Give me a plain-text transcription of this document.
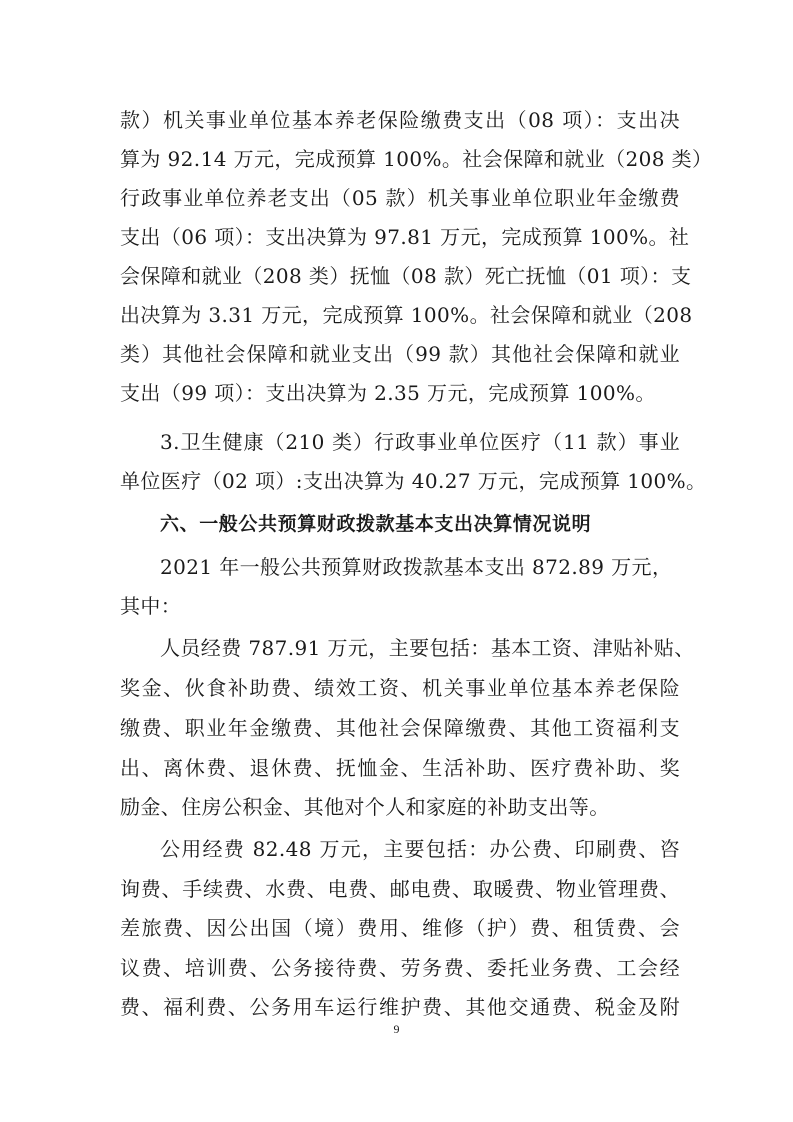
款）机关事业单位基本养老保险缴费支出（08 项）：支出决
算为 92.14 万元，完成预算 100%。社会保障和就业（208 类）
行政事业单位养老支出（05 款）机关事业单位职业年金缴费
支出（06 项）：支出决算为 97.81 万元，完成预算 100%。社
会保障和就业（208 类）抚恤（08 款）死亡抚恤（01 项）：支
出决算为 3.31 万元，完成预算 100%。社会保障和就业（208
类）其他社会保障和就业支出（99 款）其他社会保障和就业
支出（99 项）：支出决算为 2.35 万元，完成预算 100%。
3.卫生健康（210 类）行政事业单位医疗（11 款）事业
单位医疗（02 项）:支出决算为 40.27 万元，完成预算 100%。
六、一般公共预算财政拨款基本支出决算情况说明
2021 年一般公共预算财政拨款基本支出 872.89 万元，
其中：
人员经费 787.91 万元，主要包括：基本工资、津贴补贴、
奖金、伙食补助费、绩效工资、机关事业单位基本养老保险
缴费、职业年金缴费、其他社会保障缴费、其他工资福利支
出、离休费、退休费、抚恤金、生活补助、医疗费补助、奖
励金、住房公积金、其他对个人和家庭的补助支出等。
公用经费 82.48 万元，主要包括：办公费、印刷费、咨
询费、手续费、水费、电费、邮电费、取暖费、物业管理费、
差旅费、因公出国（境）费用、维修（护）费、租赁费、会
议费、培训费、公务接待费、劳务费、委托业务费、工会经
费、福利费、公务用车运行维护费、其他交通费、税金及附
9
